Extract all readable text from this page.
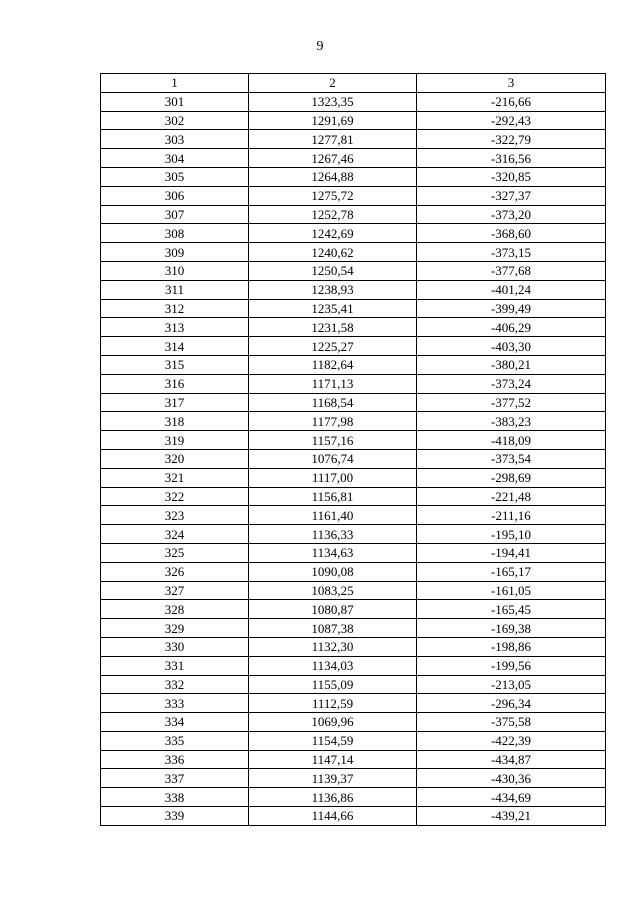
9
1	2	3
301	1323,35	-216,66
302	1291,69	-292,43
303	1277,81	-322,79
304	1267,46	-316,56
305	1264,88	-320,85
306	1275,72	-327,37
307	1252,78	-373,20
308	1242,69	-368,60
309	1240,62	-373,15
310	1250,54	-377,68
311	1238,93	-401,24
312	1235,41	-399,49
313	1231,58	-406,29
314	1225,27	-403,30
315	1182,64	-380,21
316	1171,13	-373,24
317	1168,54	-377,52
318	1177,98	-383,23
319	1157,16	-418,09
320	1076,74	-373,54
321	1117,00	-298,69
322	1156,81	-221,48
323	1161,40	-211,16
324	1136,33	-195,10
325	1134,63	-194,41
326	1090,08	-165,17
327	1083,25	-161,05
328	1080,87	-165,45
329	1087,38	-169,38
330	1132,30	-198,86
331	1134,03	-199,56
332	1155,09	-213,05
333	1112,59	-296,34
334	1069,96	-375,58
335	1154,59	-422,39
336	1147,14	-434,87
337	1139,37	-430,36
338	1136,86	-434,69
339	1144,66	-439,21
